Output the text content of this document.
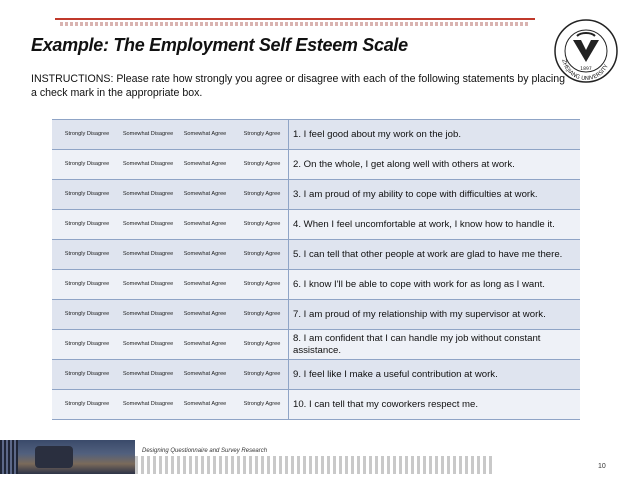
Example: The Employment Self Esteem Scale
ZHEJIANG UNIVERSITY
1897
INSTRUCTIONS: Please rate how strongly you agree or disagree with each of the following statements by placing a check mark in the appropriate box.
Strongly Disagree	Somewhat Disagree	Somewhat Agree	Strongly Agree	1. I feel good about my work on the job.
Strongly Disagree	Somewhat Disagree	Somewhat Agree	Strongly Agree	2. On the whole, I get along well with others at work.
Strongly Disagree	Somewhat Disagree	Somewhat Agree	Strongly Agree	3. I am proud of my ability to cope with difficulties at work.
Strongly Disagree	Somewhat Disagree	Somewhat Agree	Strongly Agree	4. When I feel uncomfortable at work, I know how to handle it.
Strongly Disagree	Somewhat Disagree	Somewhat Agree	Strongly Agree	5. I can tell that other people at work are glad to have me there.
Strongly Disagree	Somewhat Disagree	Somewhat Agree	Strongly Agree	6. I know I'll be able to cope with work for as long as I want.
Strongly Disagree	Somewhat Disagree	Somewhat Agree	Strongly Agree	7. I am proud of my relationship with my supervisor at work.
Strongly Disagree	Somewhat Disagree	Somewhat Agree	Strongly Agree	8. I am confident that I can handle my job without constant assistance.
Strongly Disagree	Somewhat Disagree	Somewhat Agree	Strongly Agree	9. I feel like I make a useful contribution at work.
Strongly Disagree	Somewhat Disagree	Somewhat Agree	Strongly Agree	10. I can tell that my coworkers respect me.
Designing Questionnaire and Survey Research
10
